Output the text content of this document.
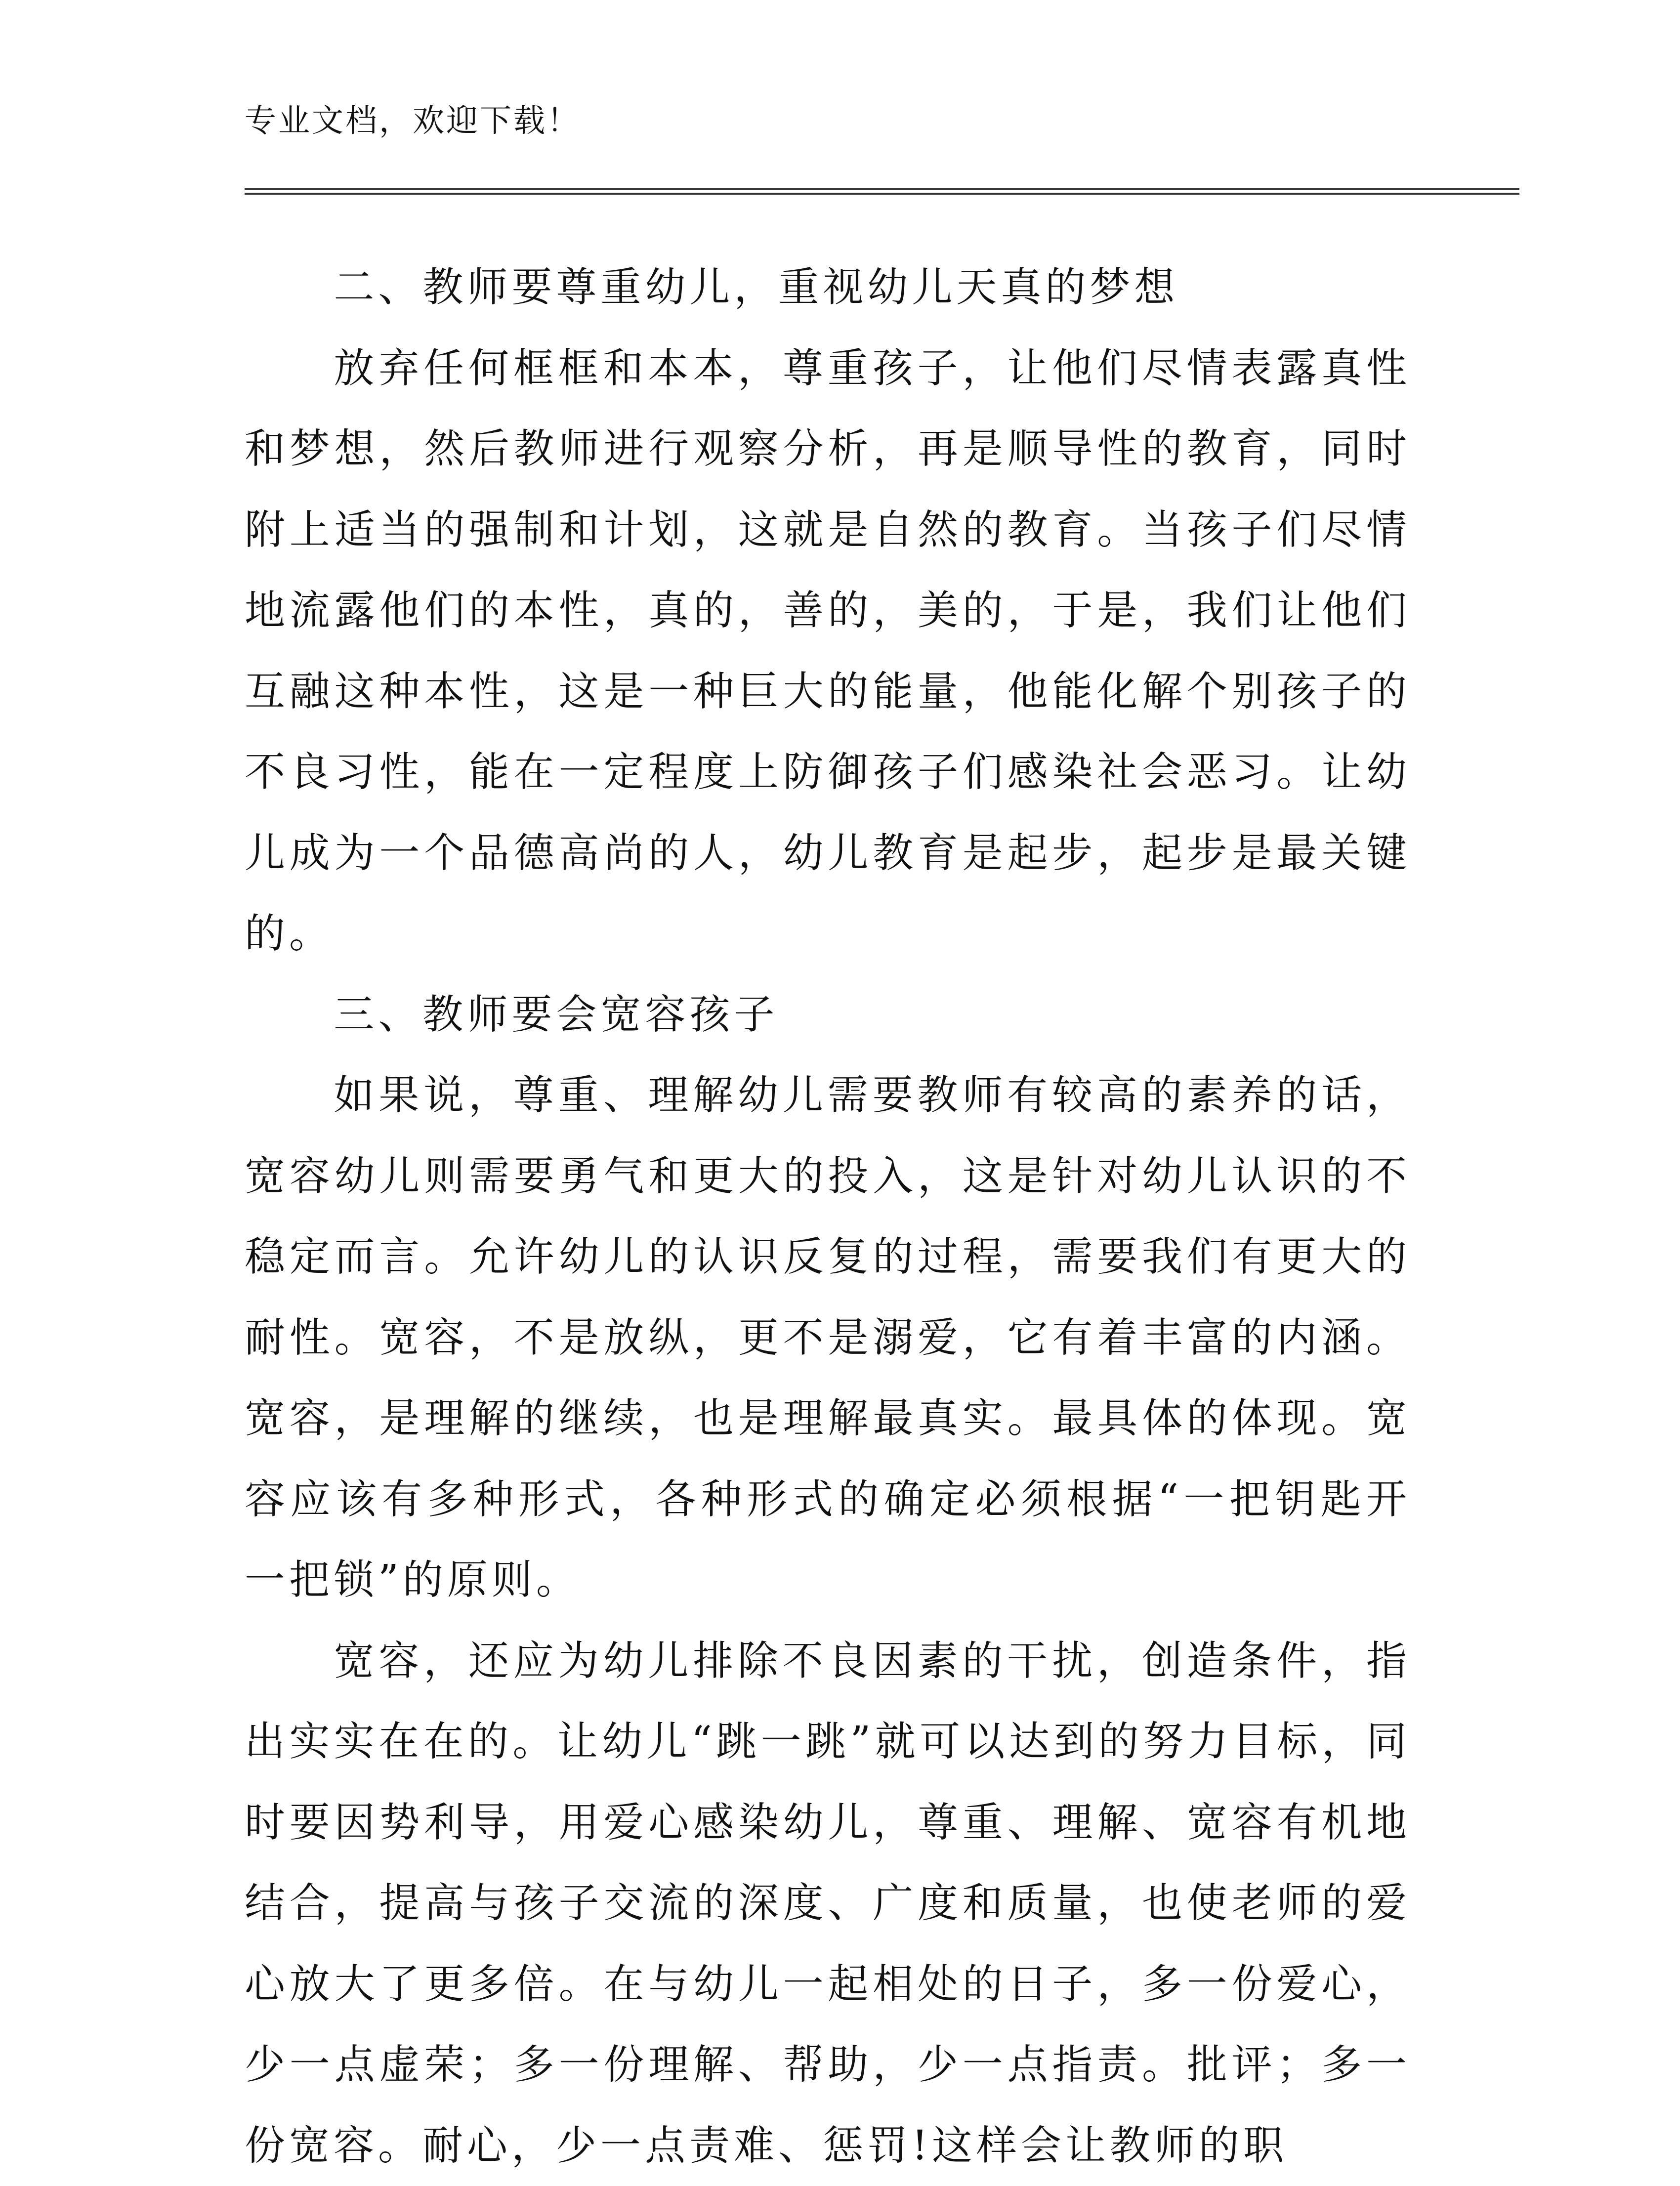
专业文档，欢迎下载！

二、教师要尊重幼儿，重视幼儿天真的梦想

放弃任何框框和本本，尊重孩子，让他们尽情表露真性和梦想，然后教师进行观察分析，再是顺导性的教育，同时附上适当的强制和计划，这就是自然的教育。当孩子们尽情地流露他们的本性，真的，善的，美的，于是，我们让他们互融这种本性，这是一种巨大的能量，他能化解个别孩子的不良习性，能在一定程度上防御孩子们感染社会恶习。让幼儿成为一个品德高尚的人，幼儿教育是起步，起步是最关键的。

三、教师要会宽容孩子

如果说，尊重、理解幼儿需要教师有较高的素养的话，宽容幼儿则需要勇气和更大的投入，这是针对幼儿认识的不稳定而言。允许幼儿的认识反复的过程，需要我们有更大的耐性。宽容，不是放纵，更不是溺爱，它有着丰富的内涵。宽容，是理解的继续，也是理解最真实。最具体的体现。宽容应该有多种形式，各种形式的确定必须根据“一把钥匙开一把锁”的原则。

宽容，还应为幼儿排除不良因素的干扰，创造条件，指出实实在在的。让幼儿“跳一跳”就可以达到的努力目标，同时要因势利导，用爱心感染幼儿，尊重、理解、宽容有机地结合，提高与孩子交流的深度、广度和质量，也使老师的爱心放大了更多倍。在与幼儿一起相处的日子，多一份爱心，少一点虚荣；多一份理解、帮助，少一点指责。批评；多一份宽容。耐心，少一点责难、惩罚!这样会让教师的职
